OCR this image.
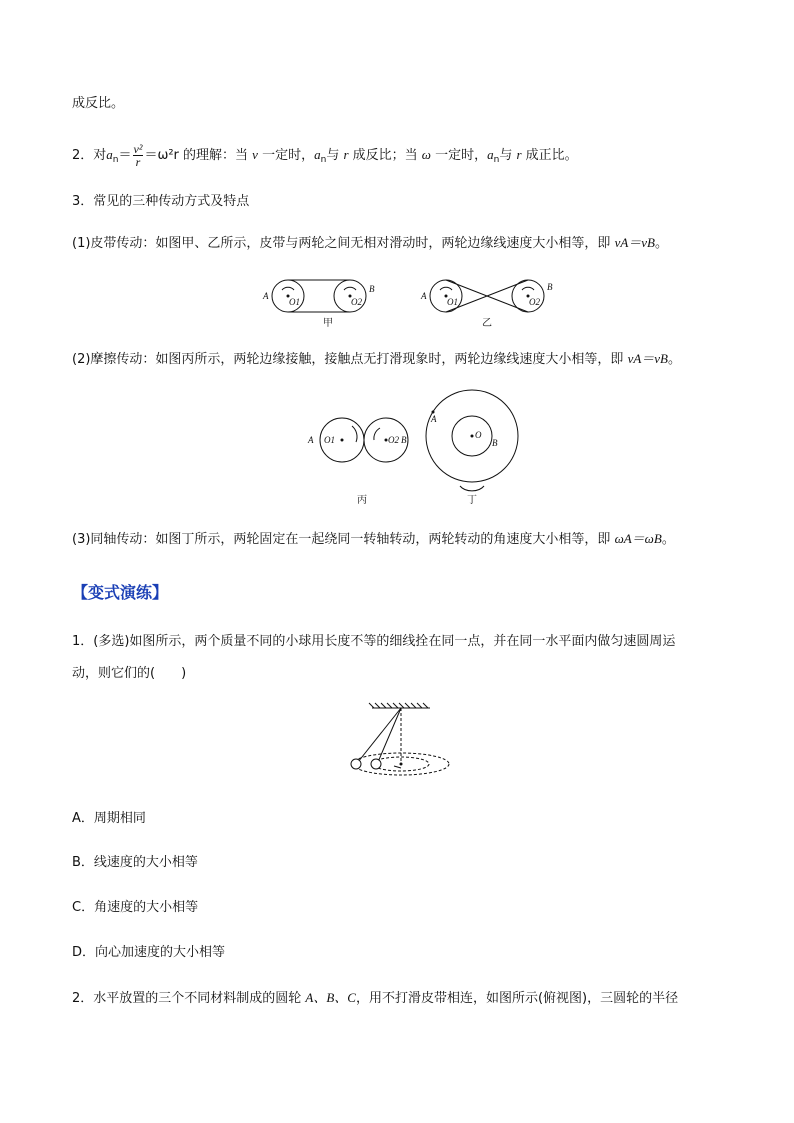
成反比。
2．对$a_n= \frac{\text{v²}}{r} =\omega^2r$ 的理解：当 v 一定时，$a_n$与 r 成反比；当 ω 一定时，$a_n$与 r 成正比。
3．常见的三种传动方式及特点
(1)皮带传动：如图甲、乙所示，皮带与两轮之间无相对滑动时，两轮边缘线速度大小相等，即 vA＝vB。
A
B
O1	O2
A
B
O1	O2
甲	乙
(2)摩擦传动：如图丙所示，两轮边缘接触，接触点无打滑现象时，两轮边缘线速度大小相等，即 vA＝vB。
A O1	O2 B
A
O
B
丙	丁
(3)同轴传动：如图丁所示，两轮固定在一起绕同一转轴转动，两轮转动的角速度大小相等，即 ωA＝ωB。
【变式演练】
1．(多选)如图所示，两个质量不同的小球用长度不等的细线拴在同一点，并在同一水平面内做匀速圆周运
动，则它们的(　　)
A．周期相同
B．线速度的大小相等
C．角速度的大小相等
D．向心加速度的大小相等
2．水平放置的三个不同材料制成的圆轮 A、B、C，用不打滑皮带相连，如图所示(俯视图)，三圆轮的半径
